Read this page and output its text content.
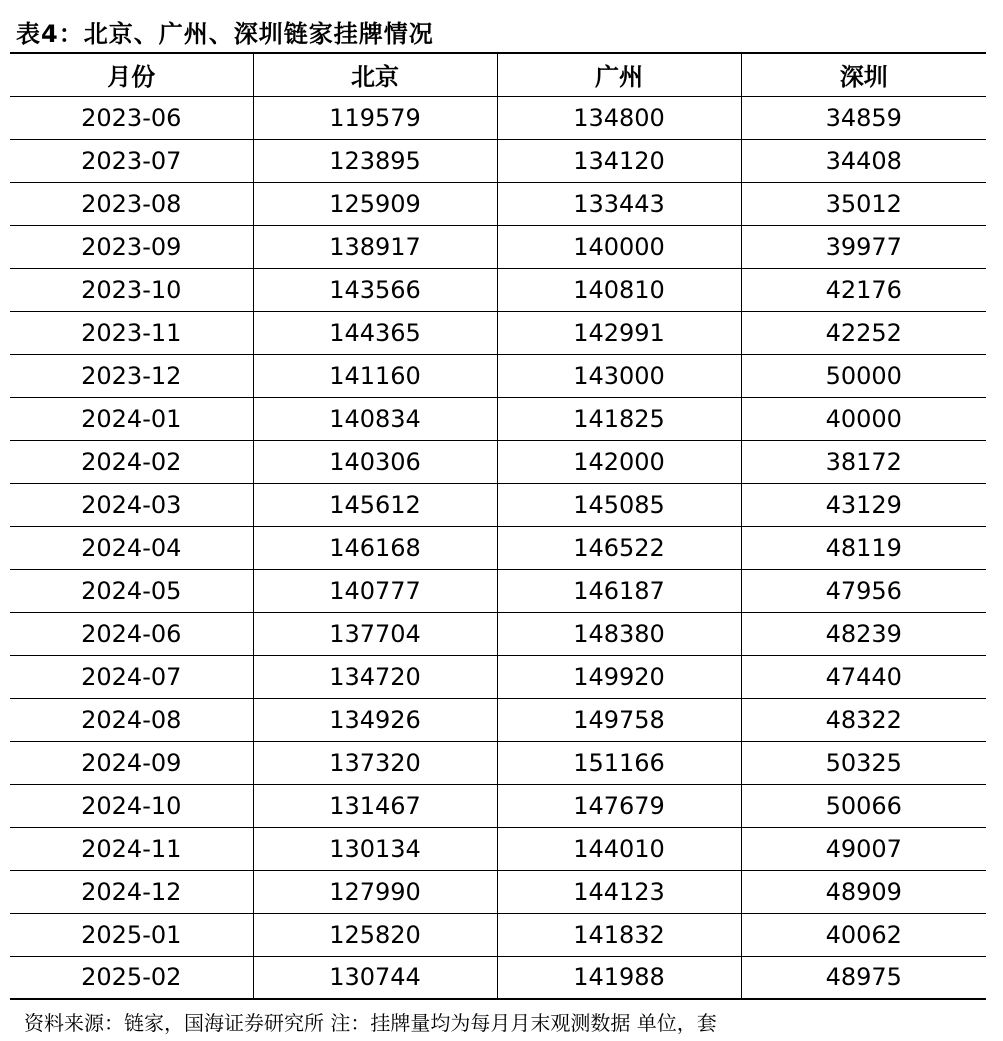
表4：北京、广州、深圳链家挂牌情况
月份	北京	广州	深圳
2023-06	119579	134800	34859
2023-07	123895	134120	34408
2023-08	125909	133443	35012
2023-09	138917	140000	39977
2023-10	143566	140810	42176
2023-11	144365	142991	42252
2023-12	141160	143000	50000
2024-01	140834	141825	40000
2024-02	140306	142000	38172
2024-03	145612	145085	43129
2024-04	146168	146522	48119
2024-05	140777	146187	47956
2024-06	137704	148380	48239
2024-07	134720	149920	47440
2024-08	134926	149758	48322
2024-09	137320	151166	50325
2024-10	131467	147679	50066
2024-11	130134	144010	49007
2024-12	127990	144123	48909
2025-01	125820	141832	40062
2025-02	130744	141988	48975
资料来源：链家，国海证券研究所 注：挂牌量均为每月月末观测数据 单位，套
